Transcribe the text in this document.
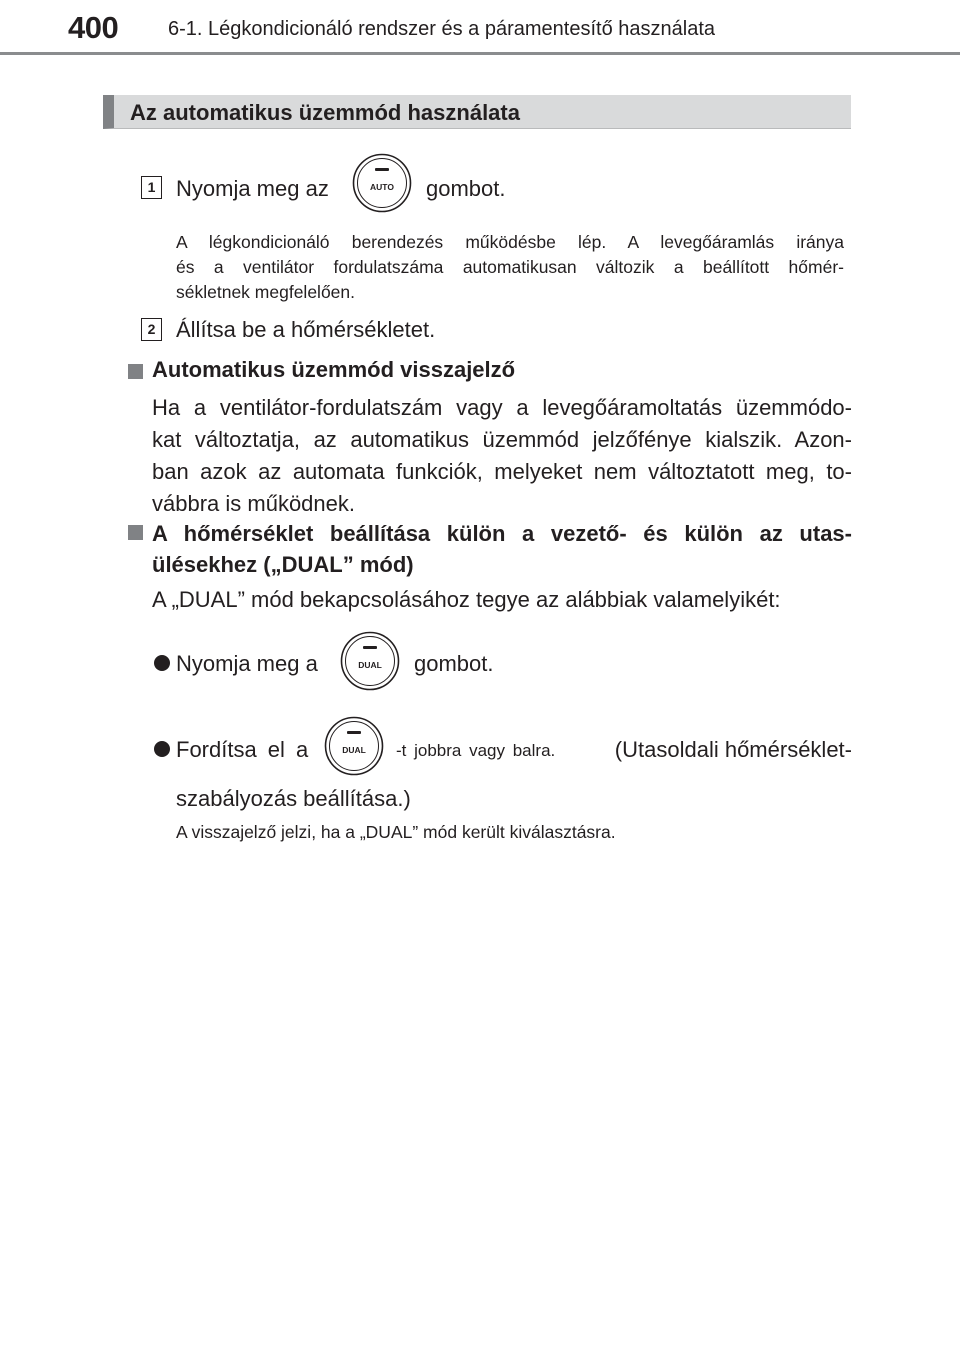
400 6-1. Légkondicionáló rendszer és a páramentesítő használata
Az automatikus üzemmód használata
1 Nyomja meg az	AUTO gombot.
A légkondicionáló berendezés működésbe lép. A levegőáramlás iránya
és a ventilátor fordulatszáma automatikusan változik a beállított hőmér-
sékletnek megfelelően.
2 Állítsa be a hőmérsékletet.
Automatikus üzemmód visszajelző
Ha a ventilátor-fordulatszám vagy a levegőáramoltatás üzemmódo-
kat változtatja, az automatikus üzemmód jelzőfénye kialszik. Azon-
ban azok az automata funkciók, melyeket nem változtatott meg, to-
vábbra is működnek.
A hőmérséklet beállítása külön a vezető- és külön az utas-
ülésekhez („DUAL” mód)
A „DUAL” mód bekapcsolásához tegye az alábbiak valamelyikét:
Nyomja meg a	DUAL gombot.
Fordítsa el a	DUAL -t jobbra vagy balra.	(Utasoldali hőmérséklet-
szabályozás beállítása.)
A visszajelző jelzi, ha a „DUAL” mód került kiválasztásra.
